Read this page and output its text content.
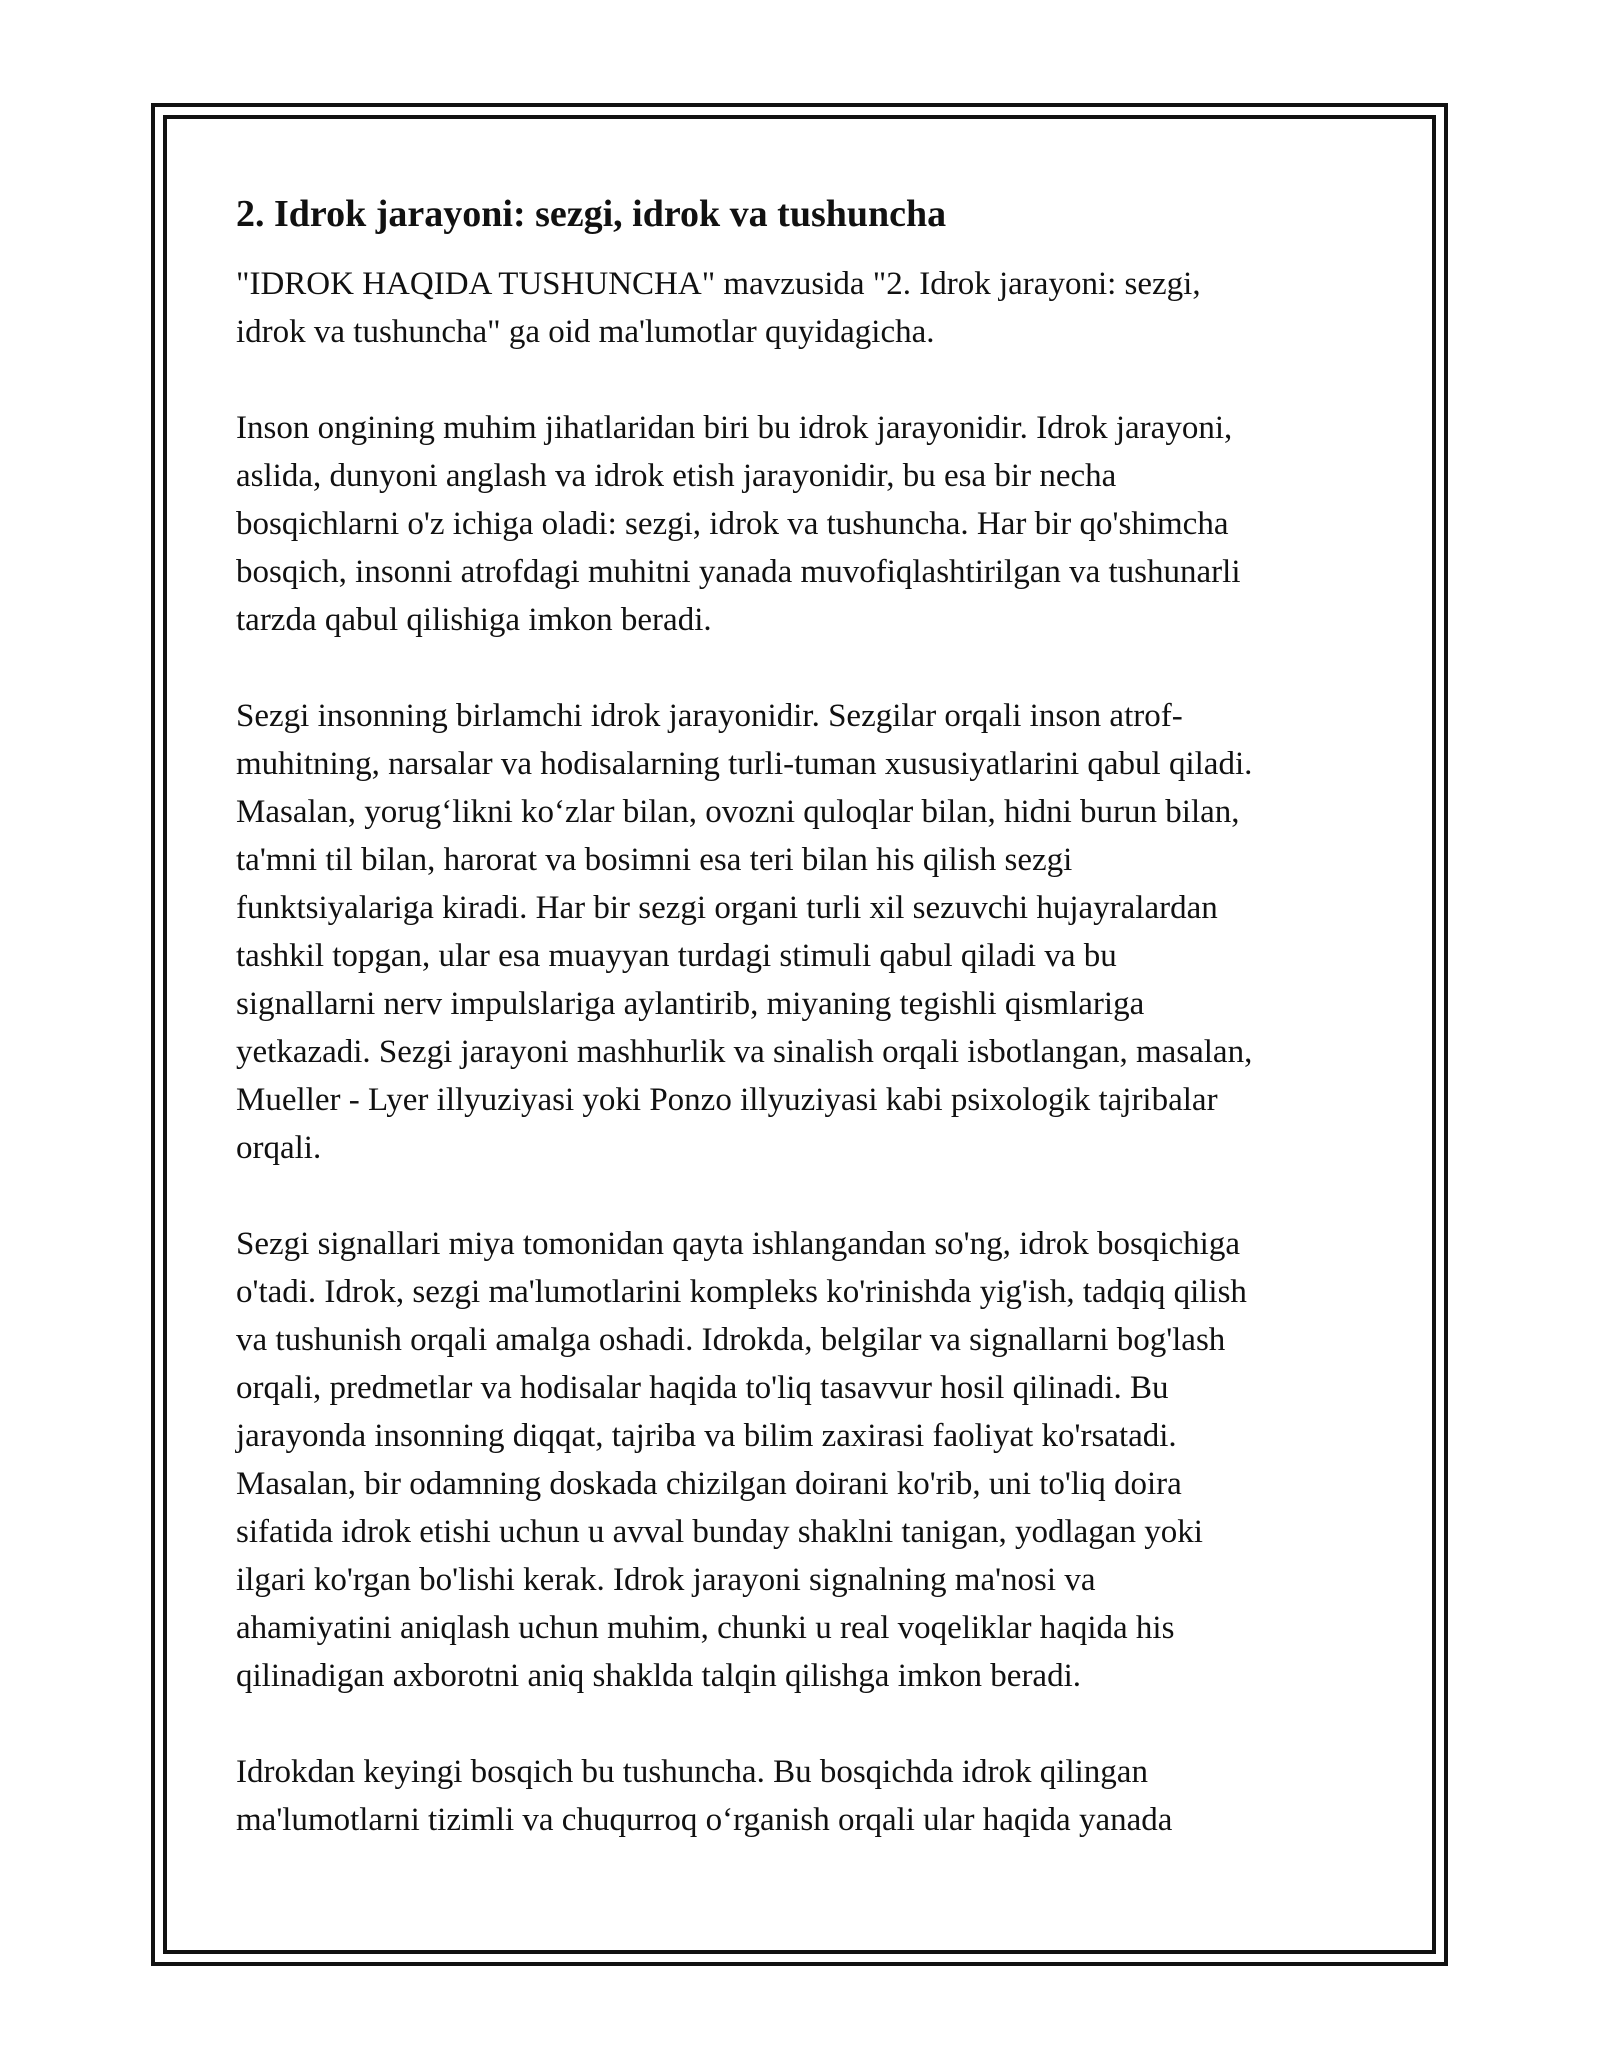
2. Idrok jarayoni: sezgi, idrok va tushuncha

"IDROK HAQIDA TUSHUNCHA" mavzusida "2. Idrok jarayoni: sezgi,
idrok va tushuncha" ga oid ma'lumotlar quyidagicha.

Inson ongining muhim jihatlaridan biri bu idrok jarayonidir. Idrok jarayoni,
aslida, dunyoni anglash va idrok etish jarayonidir, bu esa bir necha
bosqichlarni o'z ichiga oladi: sezgi, idrok va tushuncha. Har bir qo'shimcha
bosqich, insonni atrofdagi muhitni yanada muvofiqlashtirilgan va tushunarli
tarzda qabul qilishiga imkon beradi.

Sezgi insonning birlamchi idrok jarayonidir. Sezgilar orqali inson atrof-
muhitning, narsalar va hodisalarning turli-tuman xususiyatlarini qabul qiladi.
Masalan, yorug‘likni ko‘zlar bilan, ovozni quloqlar bilan, hidni burun bilan,
ta'mni til bilan, harorat va bosimni esa teri bilan his qilish sezgi
funktsiyalariga kiradi. Har bir sezgi organi turli xil sezuvchi hujayralardan
tashkil topgan, ular esa muayyan turdagi stimuli qabul qiladi va bu
signallarni nerv impulslariga aylantirib, miyaning tegishli qismlariga
yetkazadi. Sezgi jarayoni mashhurlik va sinalish orqali isbotlangan, masalan,
Mueller - Lyer illyuziyasi yoki Ponzo illyuziyasi kabi psixologik tajribalar
orqali.

Sezgi signallari miya tomonidan qayta ishlangandan so'ng, idrok bosqichiga
o'tadi. Idrok, sezgi ma'lumotlarini kompleks ko'rinishda yig'ish, tadqiq qilish
va tushunish orqali amalga oshadi. Idrokda, belgilar va signallarni bog'lash
orqali, predmetlar va hodisalar haqida to'liq tasavvur hosil qilinadi. Bu
jarayonda insonning diqqat, tajriba va bilim zaxirasi faoliyat ko'rsatadi.
Masalan, bir odamning doskada chizilgan doirani ko'rib, uni to'liq doira
sifatida idrok etishi uchun u avval bunday shaklni tanigan, yodlagan yoki
ilgari ko'rgan bo'lishi kerak. Idrok jarayoni signalning ma'nosi va
ahamiyatini aniqlash uchun muhim, chunki u real voqeliklar haqida his
qilinadigan axborotni aniq shaklda talqin qilishga imkon beradi.

Idrokdan keyingi bosqich bu tushuncha. Bu bosqichda idrok qilingan
ma'lumotlarni tizimli va chuqurroq o‘rganish orqali ular haqida yanada
